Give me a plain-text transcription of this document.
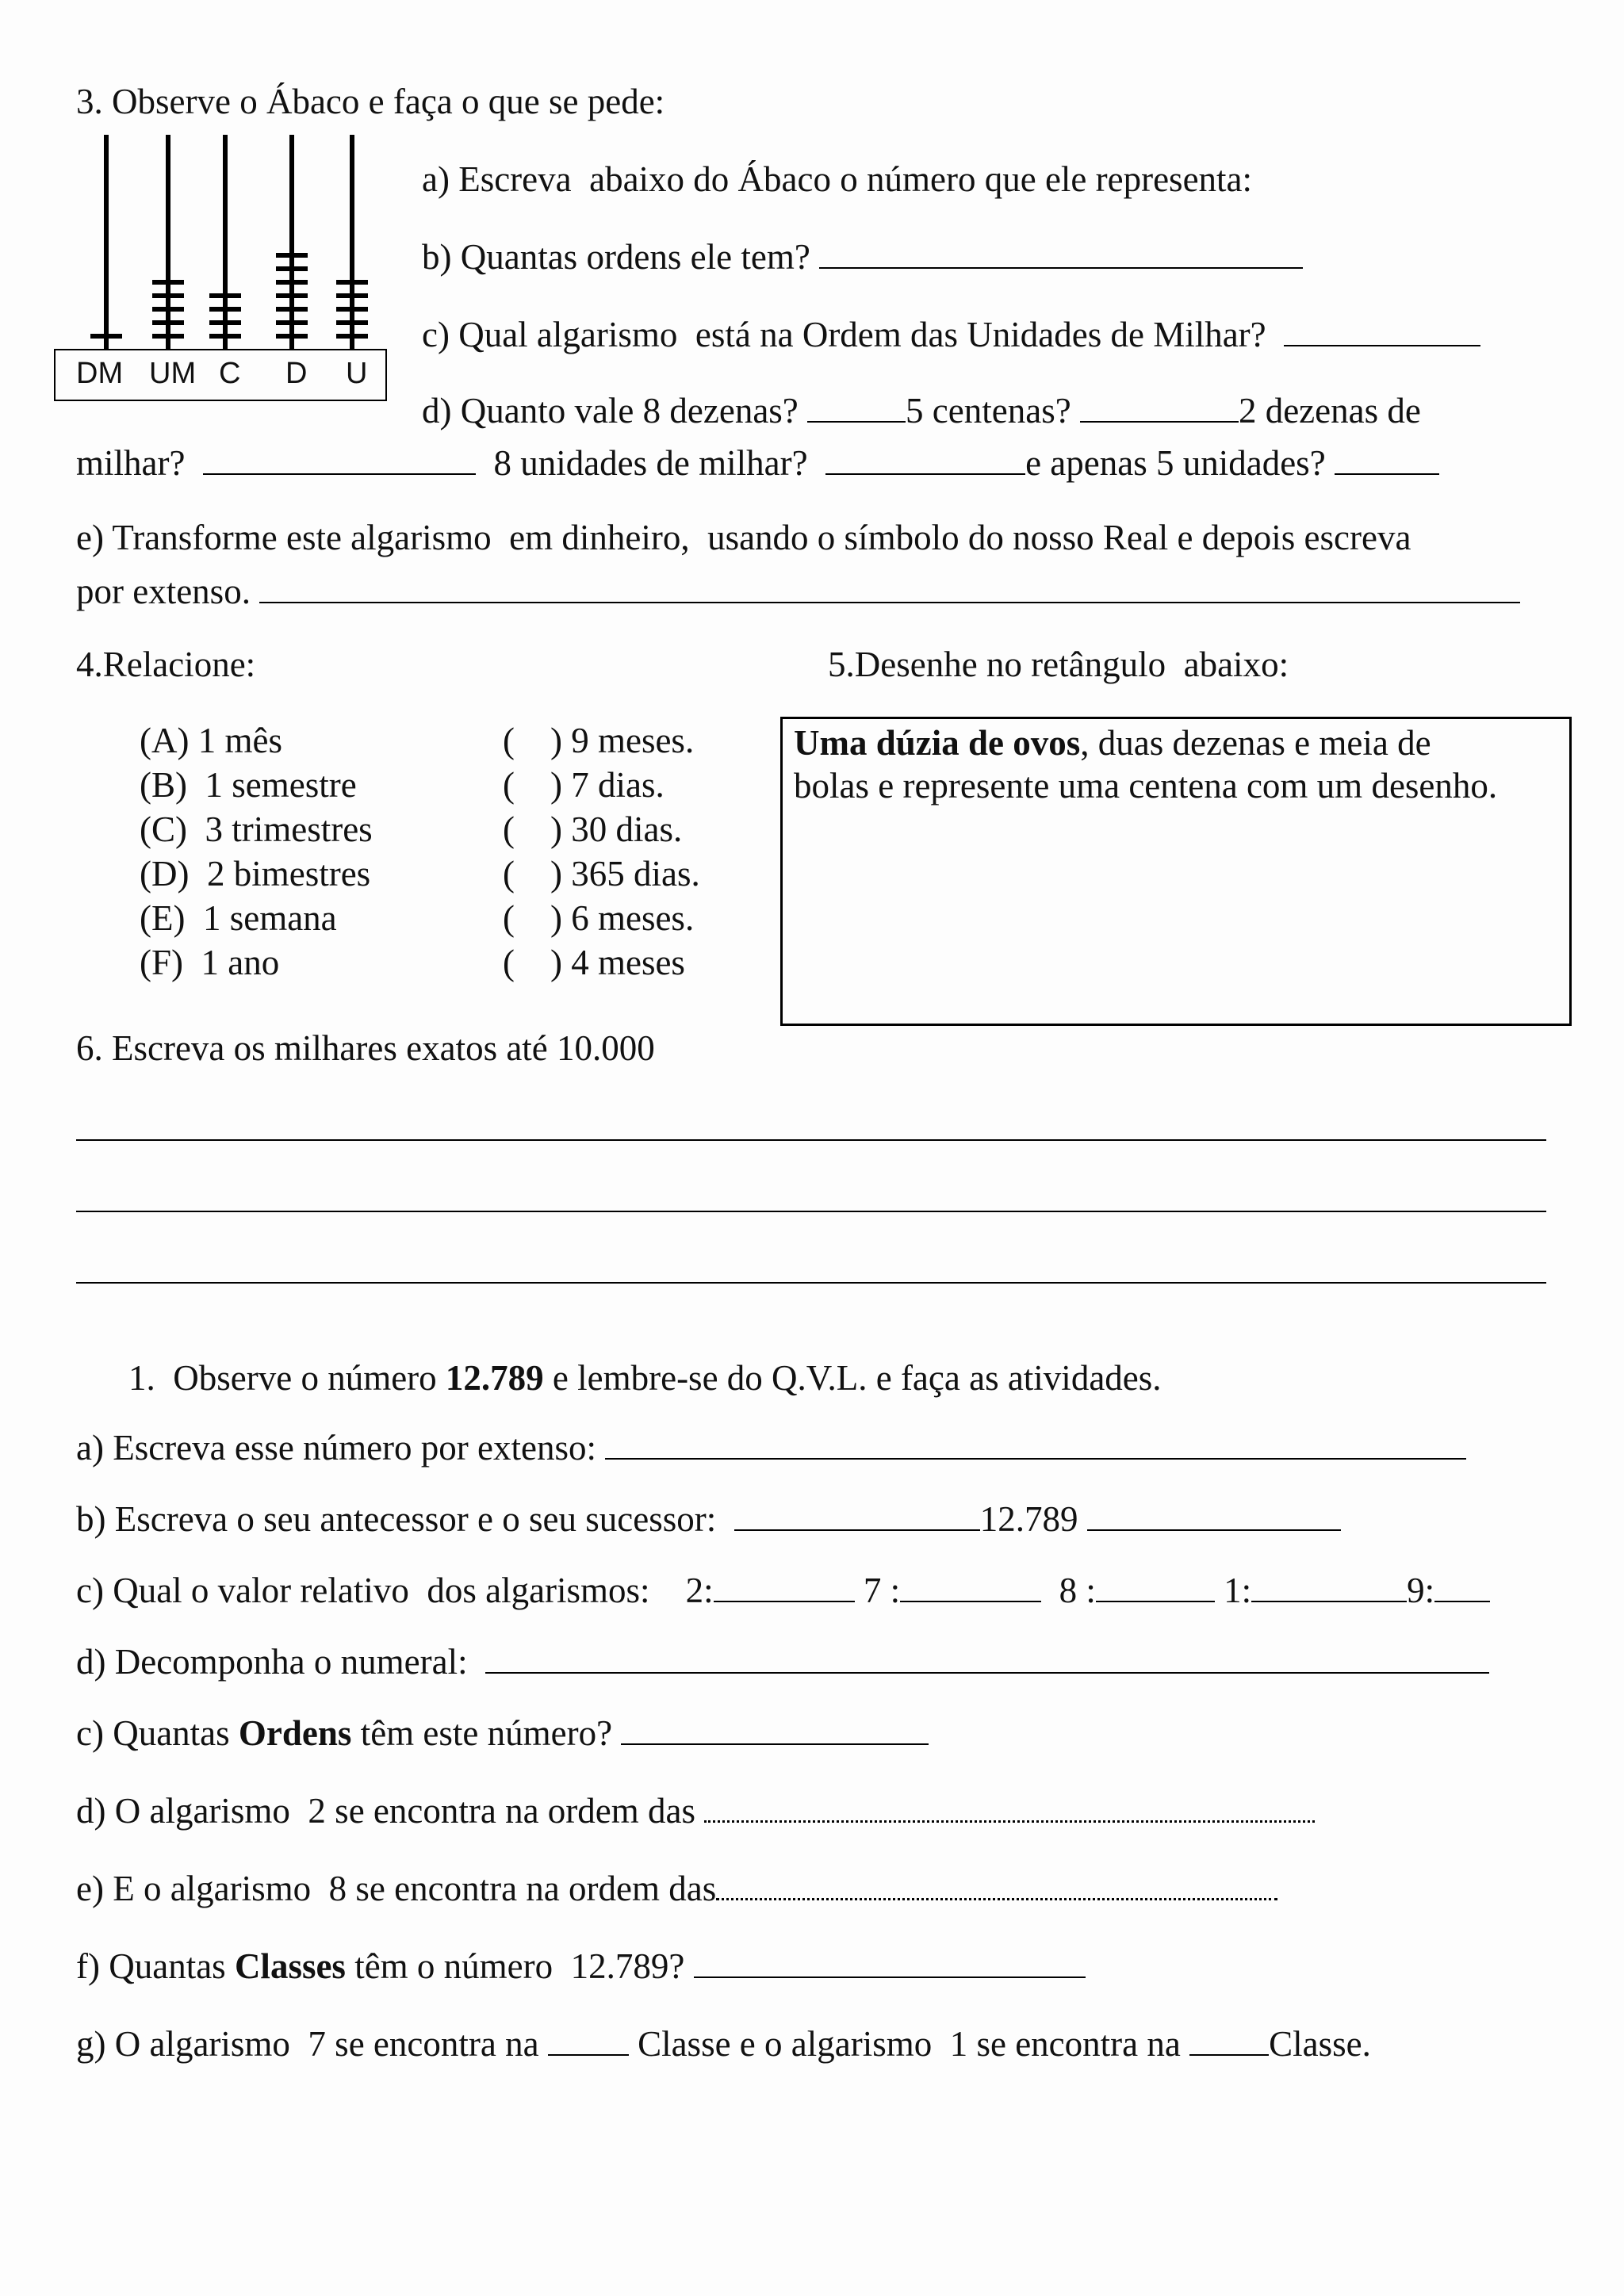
3. Observe o Ábaco e faça o que se pede:
DM UM C D U
a) Escreva  abaixo do Ábaco o número que ele representa:
b) Quantas ordens ele tem?
c) Qual algarismo  está na Ordem das Unidades de Milhar?
d) Quanto vale 8 dezenas?	5 centenas?	2 dezenas de
milhar?	8 unidades de milhar?	e apenas 5 unidades?
e) Transforme este algarismo  em dinheiro,  usando o símbolo do nosso Real e depois escreva
por extenso.
4.Relacione:
(A) 1 mês
(B)  1 semestre
(C)  3 trimestres
(D)  2 bimestres
(E)  1 semana
(F)  1 ano
(    ) 9 meses.
(    ) 7 dias.
(    ) 30 dias.
(    ) 365 dias.
(    ) 6 meses.
(    ) 4 meses
5.Desenhe no retângulo  abaixo:
Uma dúzia de ovos, duas dezenas e meia de
bolas e represente uma centena com um desenho.
6. Escreva os milhares exatos até 10.000
1.  Observe o número 12.789 e lembre-se do Q.V.L. e faça as atividades.
a) Escreva esse número por extenso:
b) Escreva o seu antecessor e o seu sucessor:	12.789
c) Qual o valor relativo  dos algarismos: 2:	7 :	8 :	1:	9:
d) Decomponha o numeral:
c) Quantas Ordens têm este número?
d) O algarismo  2 se encontra na ordem das
e) E o algarismo  8 se encontra na ordem das
f) Quantas Classes têm o número  12.789?
g) O algarismo  7 se encontra na	Classe e o algarismo  1 se encontra na Classe.
